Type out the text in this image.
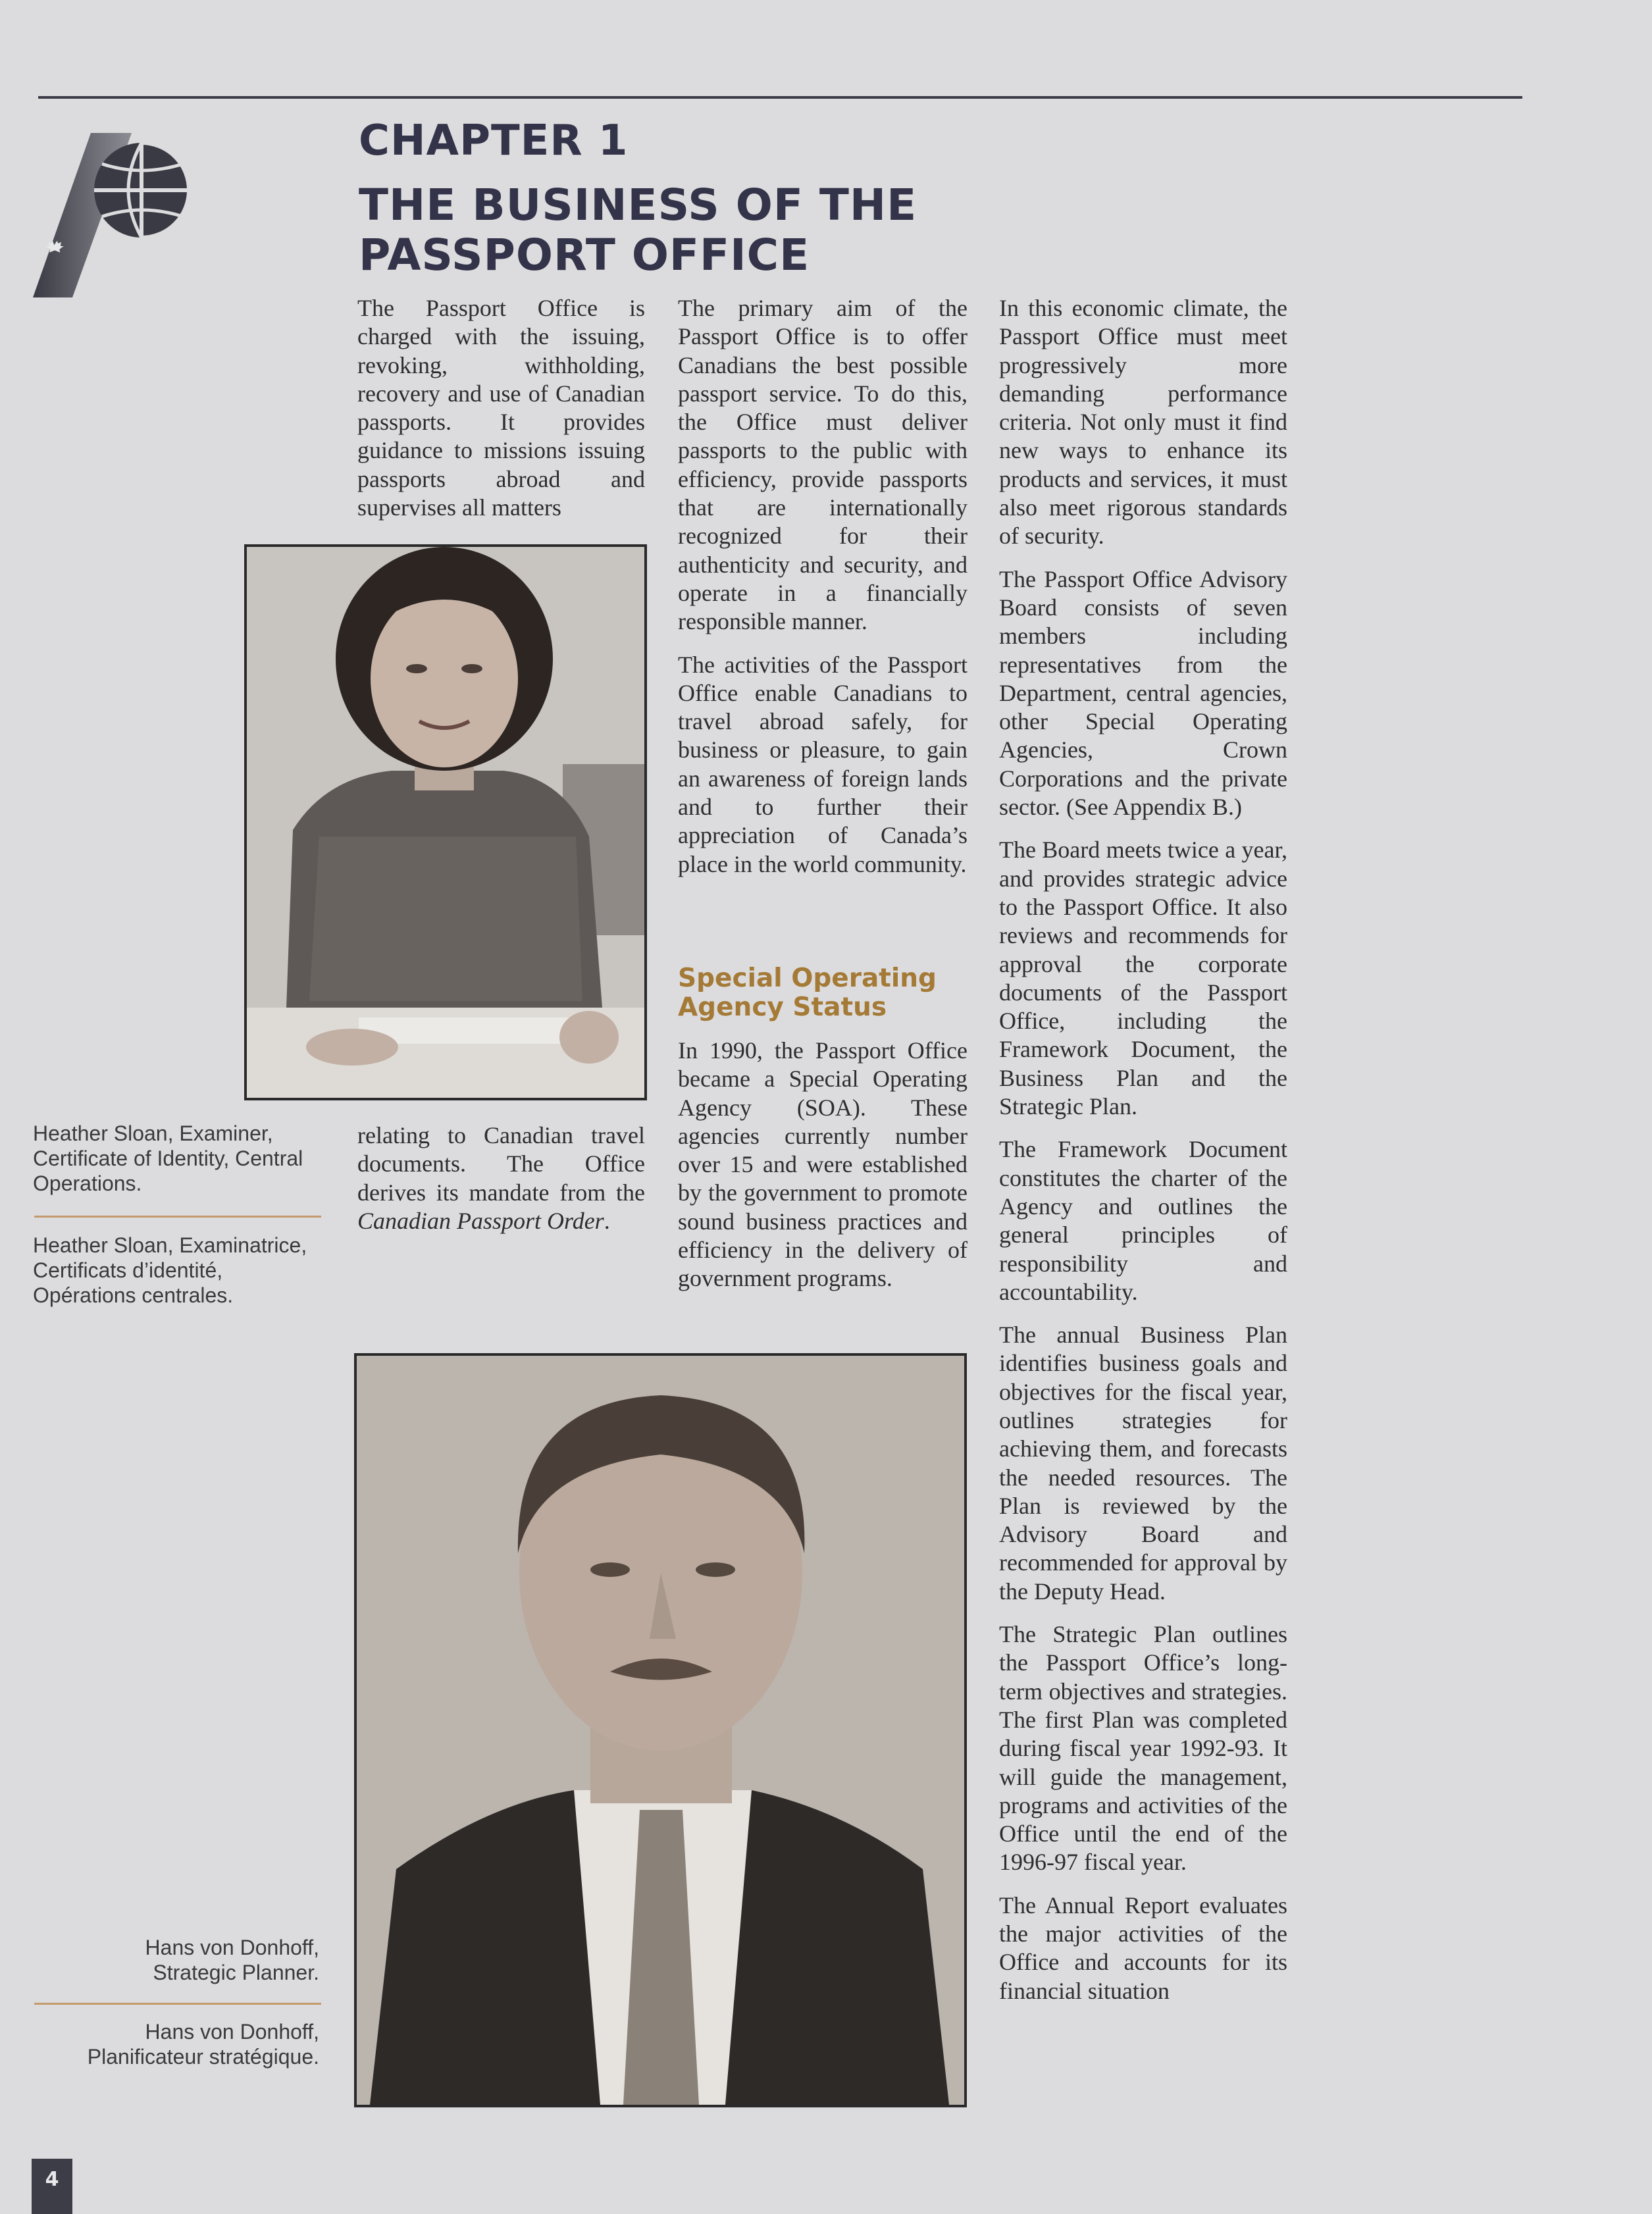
CHAPTER 1
THE BUSINESS OF THE
PASSPORT OFFICE

The Passport Office is charged with the issuing, revoking, withholding, recovery and use of Canadian passports. It provides guidance to missions issuing passports abroad and supervises all matters

relating to Canadian travel documents. The Office derives its mandate from the Canadian Passport Order.

The primary aim of the Passport Office is to offer Canadians the best possible passport service. To do this, the Office must deliver passports to the public with efficiency, provide passports that are internationally recognized for their authenticity and security, and operate in a financially responsible manner.

The activities of the Passport Office enable Canadians to travel abroad safely, for business or pleasure, to gain an awareness of foreign lands and to further their appreciation of Canada’s place in the world community.

Special Operating Agency Status

In 1990, the Passport Office became a Special Operating Agency (SOA). These agencies currently number over 15 and were established by the government to promote sound business practices and efficiency in the delivery of government programs.

In this economic climate, the Passport Office must meet progressively more demanding performance criteria. Not only must it find new ways to enhance its products and services, it must also meet rigorous standards of security.

The Passport Office Advisory Board consists of seven members including representatives from the Department, central agencies, other Special Operating Agencies, Crown Corporations and the private sector. (See Appendix B.)

The Board meets twice a year, and provides strategic advice to the Passport Office. It also reviews and recommends for approval the corporate documents of the Passport Office, including the Framework Document, the Business Plan and the Strategic Plan.

The Framework Document constitutes the charter of the Agency and outlines the general principles of responsibility and accountability.

The annual Business Plan identifies business goals and objectives for the fiscal year, outlines strategies for achieving them, and forecasts the needed resources. The Plan is reviewed by the Advisory Board and recommended for approval by the Deputy Head.

The Strategic Plan outlines the Passport Office’s long-term objectives and strategies. The first Plan was completed during fiscal year 1992-93. It will guide the management, programs and activities of the Office until the end of the 1996-97 fiscal year.

The Annual Report evaluates the major activities of the Office and accounts for its financial situation

Heather Sloan, Examiner, Certificate of Identity, Central Operations.
Heather Sloan, Examinatrice, Certificats d’identité, Opérations centrales.
Hans von Donhoff,
Strategic Planner.
Hans von Donhoff,
Planificateur stratégique.
4
